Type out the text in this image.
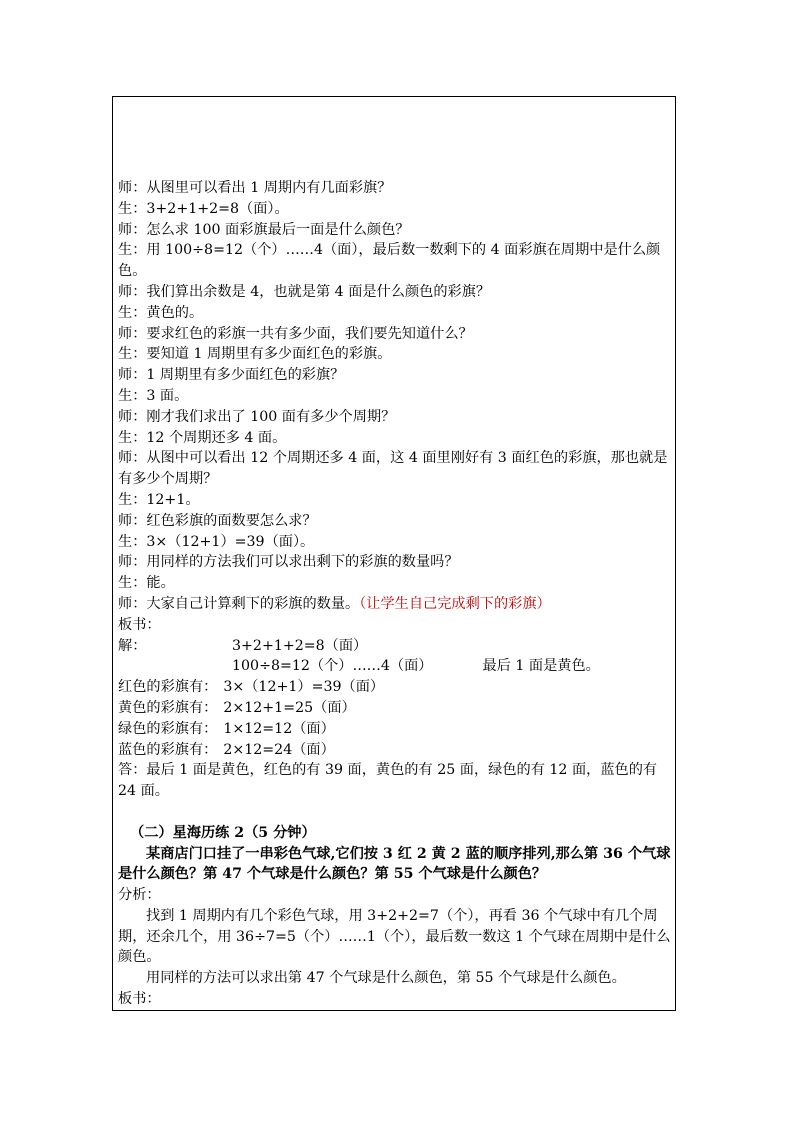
师：从图里可以看出 1 周期内有几面彩旗？
生：3+2+1+2=8（面）。
师：怎么求 100 面彩旗最后一面是什么颜色？
生：用 100÷8=12（个）……4（面），最后数一数剩下的 4 面彩旗在周期中是什么颜色。
师：我们算出余数是 4，也就是第 4 面是什么颜色的彩旗？
生：黄色的。
师：要求红色的彩旗一共有多少面，我们要先知道什么？
生：要知道 1 周期里有多少面红色的彩旗。
师：1 周期里有多少面红色的彩旗？
生：3 面。
师：刚才我们求出了 100 面有多少个周期？
生：12 个周期还多 4 面。
师：从图中可以看出 12 个周期还多 4 面，这 4 面里刚好有 3 面红色的彩旗，那也就是有多少个周期？
生：12+1。
师：红色彩旗的面数要怎么求？
生：3×（12+1）=39（面）。
师：用同样的方法我们可以求出剩下的彩旗的数量吗？
生：能。
师：大家自己计算剩下的彩旗的数量。（让学生自己完成剩下的彩旗）
板书：
解：	3+2+1+2=8（面）
100÷8=12（个）……4（面）	最后 1 面是黄色。
红色的彩旗有： 3×（12+1）=39（面）
黄色的彩旗有： 2×12+1=25（面）
绿色的彩旗有： 1×12=12（面）
蓝色的彩旗有： 2×12=24（面）
答：最后 1 面是黄色，红色的有 39 面，黄色的有 25 面，绿色的有 12 面，蓝色的有 24 面。
（二）星海历练 2（5 分钟）
某商店门口挂了一串彩色气球,它们按 3 红 2 黄 2 蓝的顺序排列,那么第 36 个气球是什么颜色？第 47 个气球是什么颜色？第 55 个气球是什么颜色？
分析：
找到 1 周期内有几个彩色气球，用 3+2+2=7（个），再看 36 个气球中有几个周期，还余几个，用 36÷7=5（个）……1（个），最后数一数这 1 个气球在周期中是什么颜色。
用同样的方法可以求出第 47 个气球是什么颜色，第 55 个气球是什么颜色。
板书：
